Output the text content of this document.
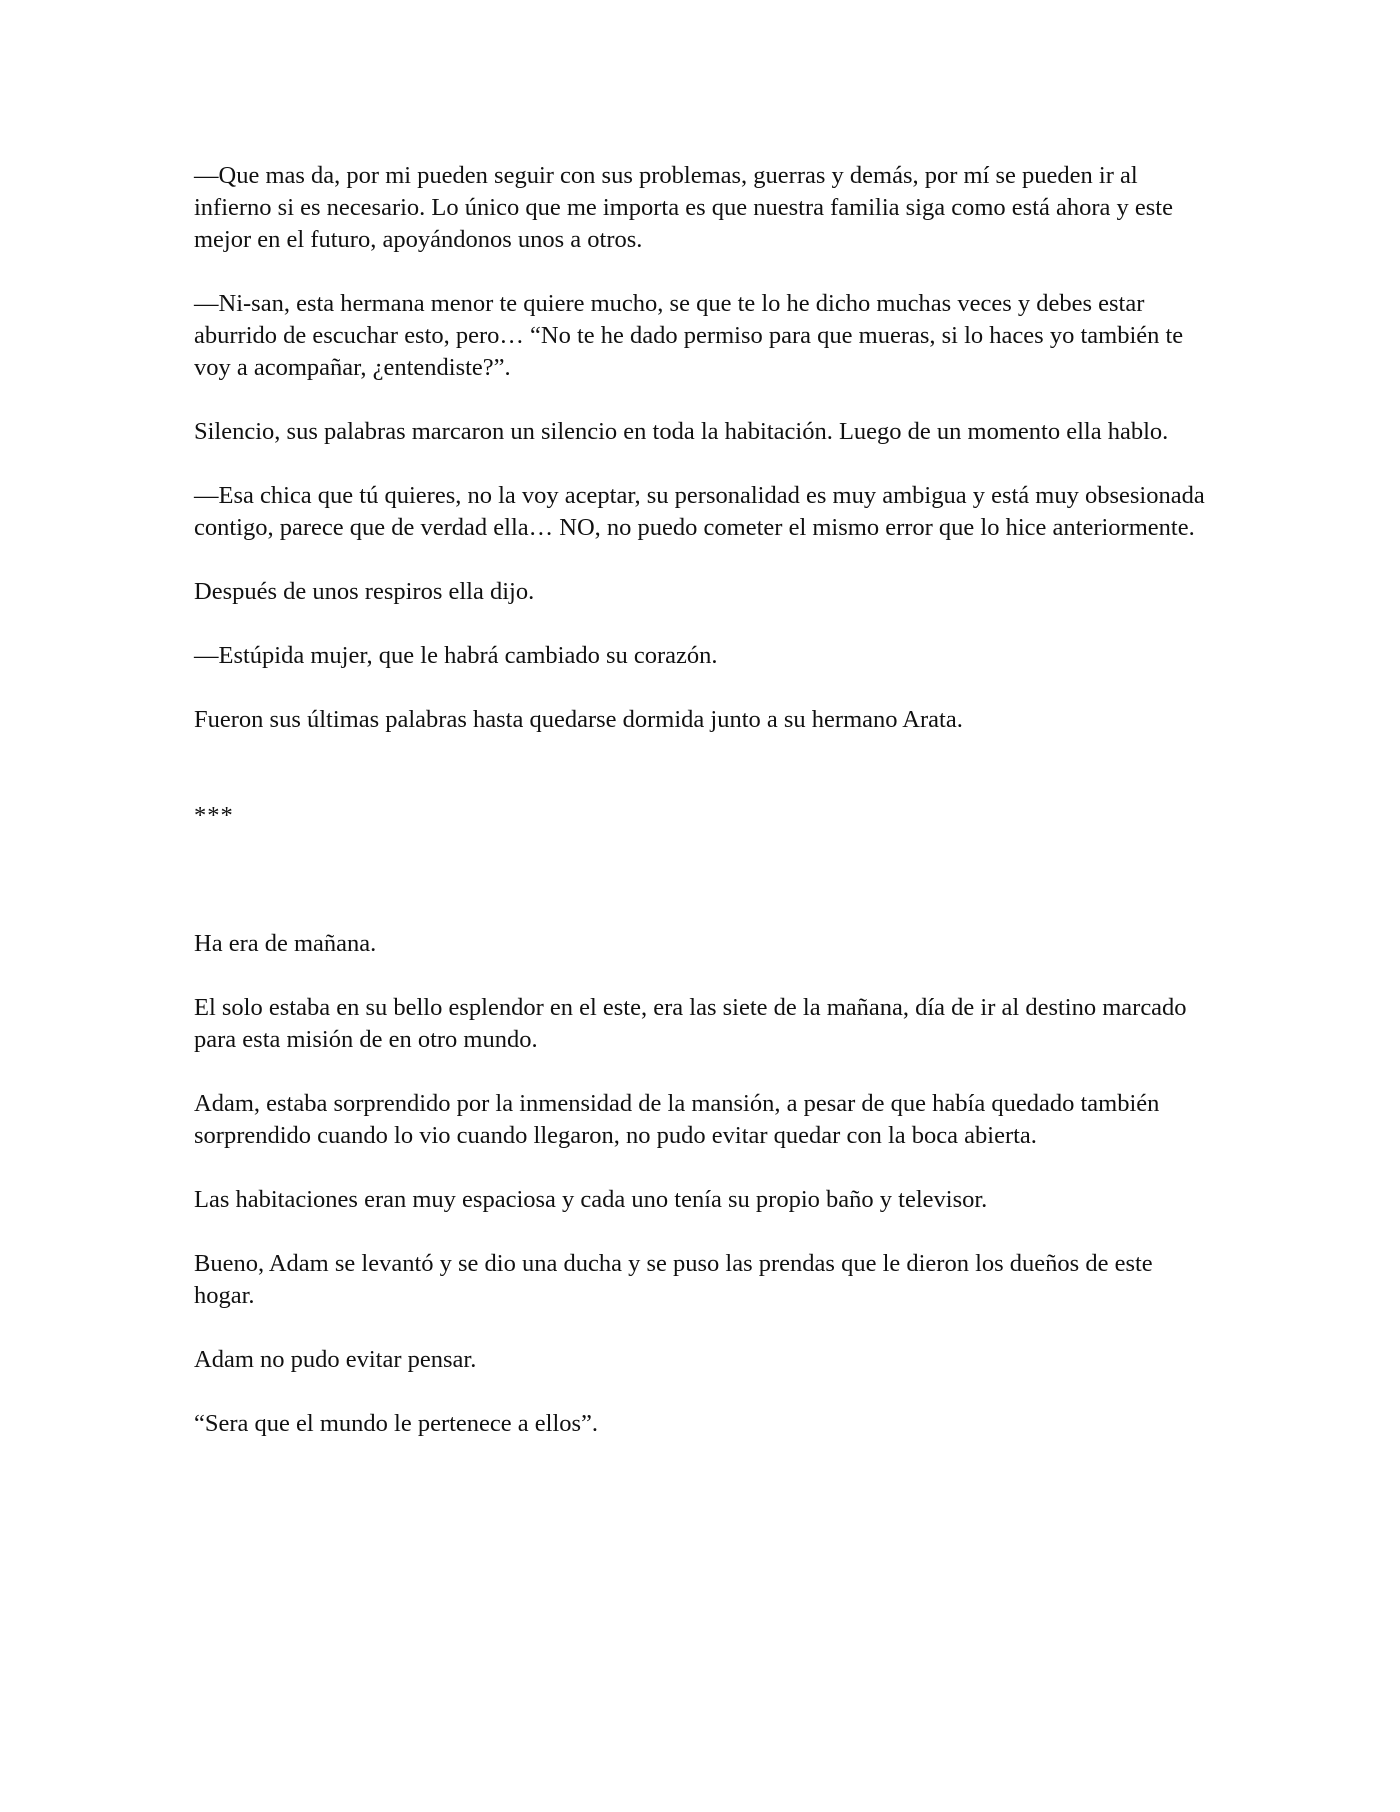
—Que mas da, por mi pueden seguir con sus problemas, guerras y demás, por mí se pueden ir al infierno si es necesario. Lo único que me importa es que nuestra familia siga como está ahora y este mejor en el futuro, apoyándonos unos a otros.

—Ni-san, esta hermana menor te quiere mucho, se que te lo he dicho muchas veces y debes estar aburrido de escuchar esto, pero… “No te he dado permiso para que mueras, si lo haces yo también te voy a acompañar, ¿entendiste?”.

Silencio, sus palabras marcaron un silencio en toda la habitación. Luego de un momento ella hablo.

—Esa chica que tú quieres, no la voy aceptar, su personalidad es muy ambigua y está muy obsesionada contigo, parece que de verdad ella… NO, no puedo cometer el mismo error que lo hice anteriormente.

Después de unos respiros ella dijo.

—Estúpida mujer, que le habrá cambiado su corazón.

Fueron sus últimas palabras hasta quedarse dormida junto a su hermano Arata.

***

Ha era de mañana.

El solo estaba en su bello esplendor en el este, era las siete de la mañana, día de ir al destino marcado para esta misión de en otro mundo.

Adam, estaba sorprendido por la inmensidad de la mansión, a pesar de que había quedado también sorprendido cuando lo vio cuando llegaron, no pudo evitar quedar con la boca abierta.

Las habitaciones eran muy espaciosa y cada uno tenía su propio baño y televisor.

Bueno, Adam se levantó y se dio una ducha y se puso las prendas que le dieron los dueños de este hogar.

Adam no pudo evitar pensar.

“Sera que el mundo le pertenece a ellos”.
